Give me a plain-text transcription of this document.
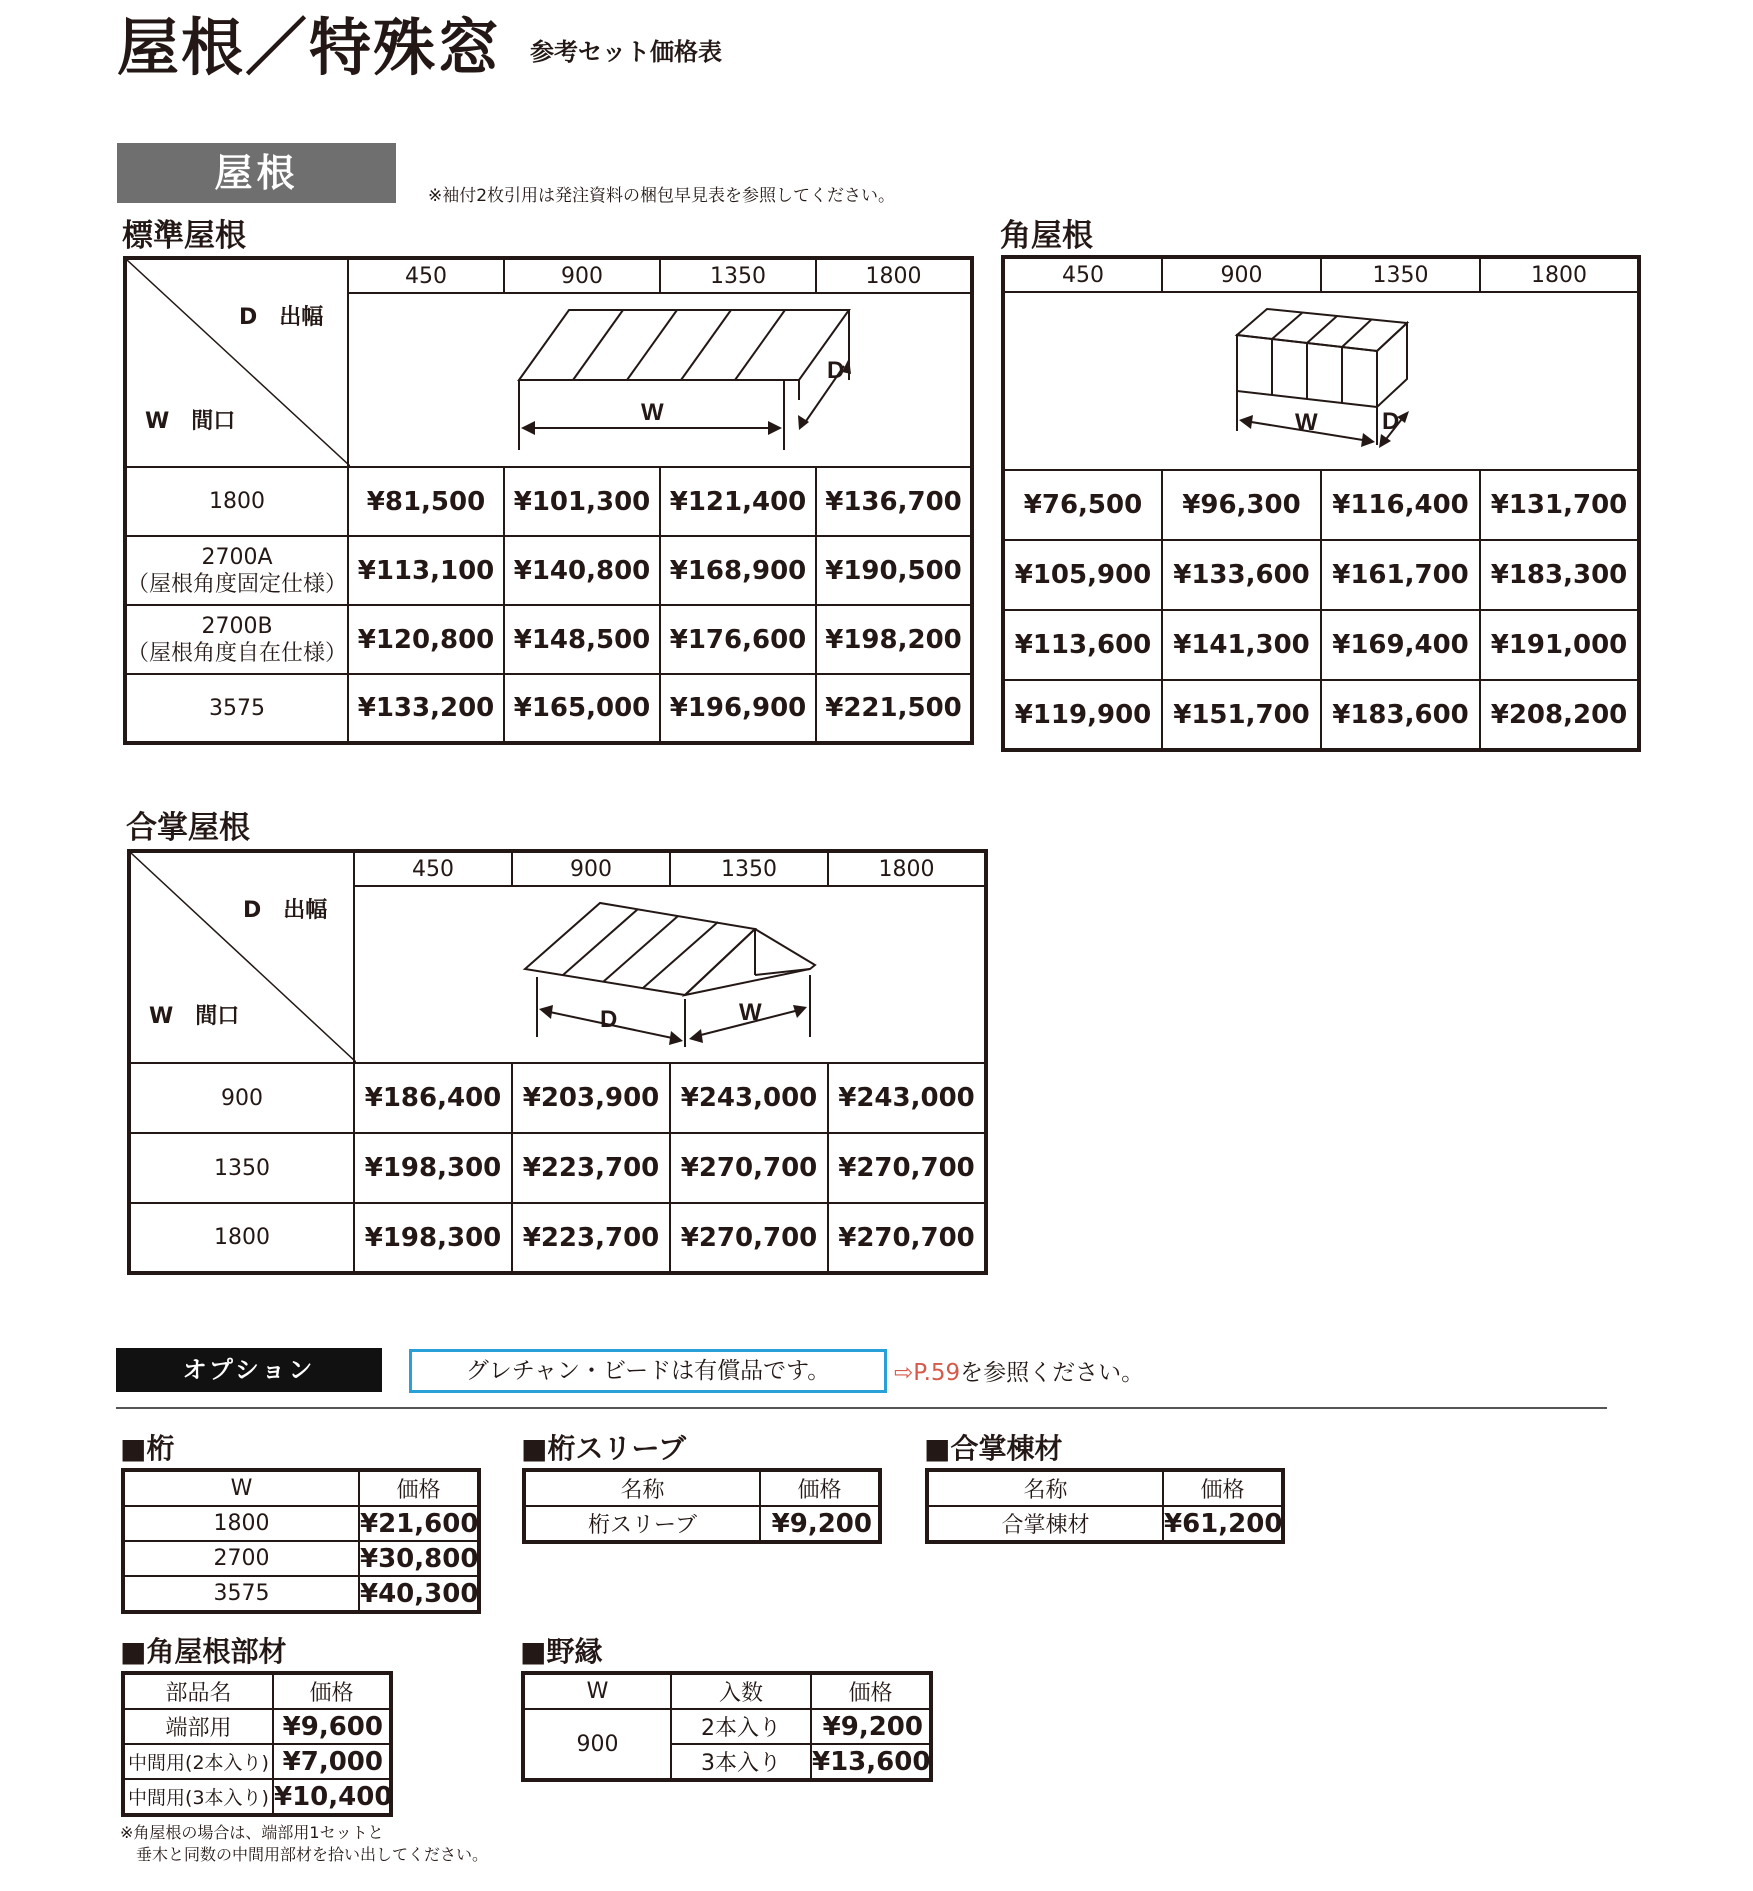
屋根／特殊窓 参考セット価格表
屋根
※袖付2枚引用は発注資料の梱包早見表を参照してください。
標準屋根
D　出幅
W　間口	450	900	1350	1800

W
D			

1800	¥81,500	¥101,300	¥121,400	¥136,700
2700A
（屋根角度固定仕様）	¥113,100	¥140,800	¥168,900	¥190,500
2700B
（屋根角度自在仕様）	¥120,800	¥148,500	¥176,600	¥198,200
3575	¥133,200	¥165,000	¥196,900	¥221,500
角屋根
450	900	1350	1800

W D			

¥76,500	¥96,300	¥116,400	¥131,700
¥105,900	¥133,600	¥161,700	¥183,300
¥113,600	¥141,300	¥169,400	¥191,000
¥119,900	¥151,700	¥183,600	¥208,200
合掌屋根
D　出幅
W　間口	450	900	1350	1800

D W			

900	¥186,400	¥203,900	¥243,000	¥243,000
1350	¥198,300	¥223,700	¥270,700	¥270,700
1800	¥198,300	¥223,700	¥270,700	¥270,700
オプション	グレチャン・ビードは有償品です。	⇨P.59を参照ください。
■桁
W	価格
1800	¥21,600
2700	¥30,800
3575	¥40,300
■桁スリーブ
名称	価格
桁スリーブ	¥9,200
■合掌棟材
名称	価格
合掌棟材	¥61,200
■角屋根部材
部品名	価格
端部用	¥9,600
中間用(2本入り)	¥7,000
中間用(3本入り)	¥10,400
■野縁
W	入数	価格
900	2本入り	¥9,200
	3本入り	¥13,600
※角屋根の場合は、端部用1セットと
　垂木と同数の中間用部材を拾い出してください。
